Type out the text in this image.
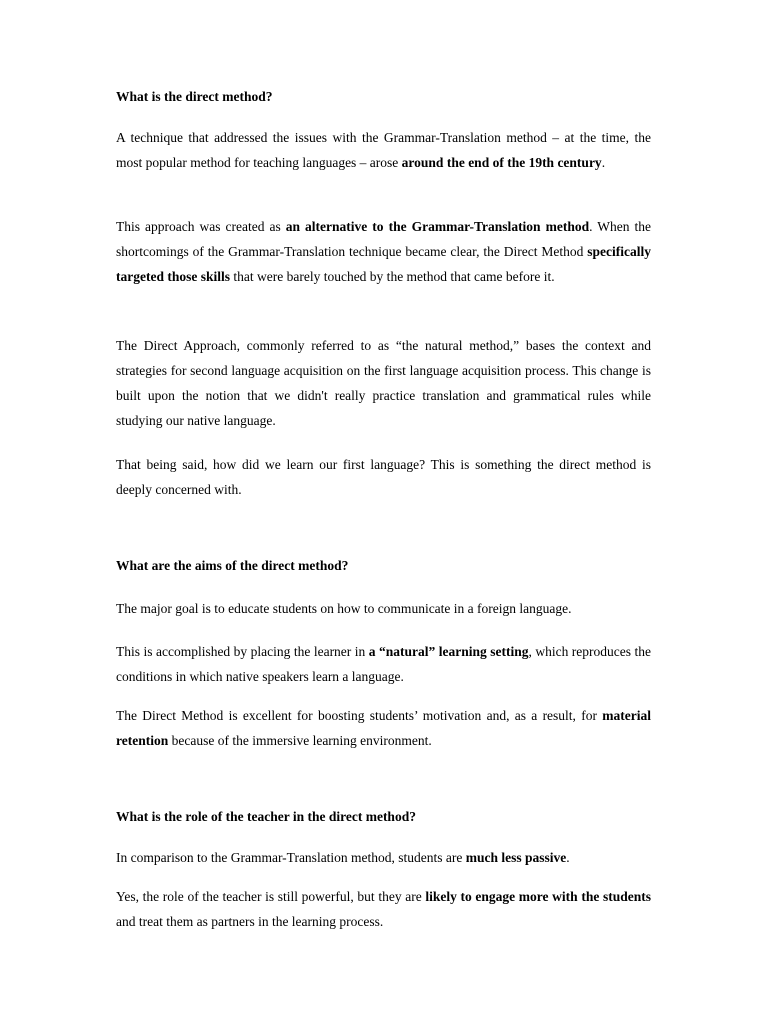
What is the direct method?

A technique that addressed the issues with the Grammar-Translation method – at the time, the most popular method for teaching languages – arose around the end of the 19th century.

This approach was created as an alternative to the Grammar-Translation method. When the shortcomings of the Grammar-Translation technique became clear, the Direct Method specifically targeted those skills that were barely touched by the method that came before it.

The Direct Approach, commonly referred to as “the natural method,” bases the context and strategies for second language acquisition on the first language acquisition process. This change is built upon the notion that we didn't really practice translation and grammatical rules while studying our native language.

That being said, how did we learn our first language? This is something the direct method is deeply concerned with.

What are the aims of the direct method?

The major goal is to educate students on how to communicate in a foreign language.

This is accomplished by placing the learner in a “natural” learning setting, which reproduces the conditions in which native speakers learn a language.

The Direct Method is excellent for boosting students’ motivation and, as a result, for material retention because of the immersive learning environment.

What is the role of the teacher in the direct method?

In comparison to the Grammar-Translation method, students are much less passive.

Yes, the role of the teacher is still powerful, but they are likely to engage more with the students and treat them as partners in the learning process.
